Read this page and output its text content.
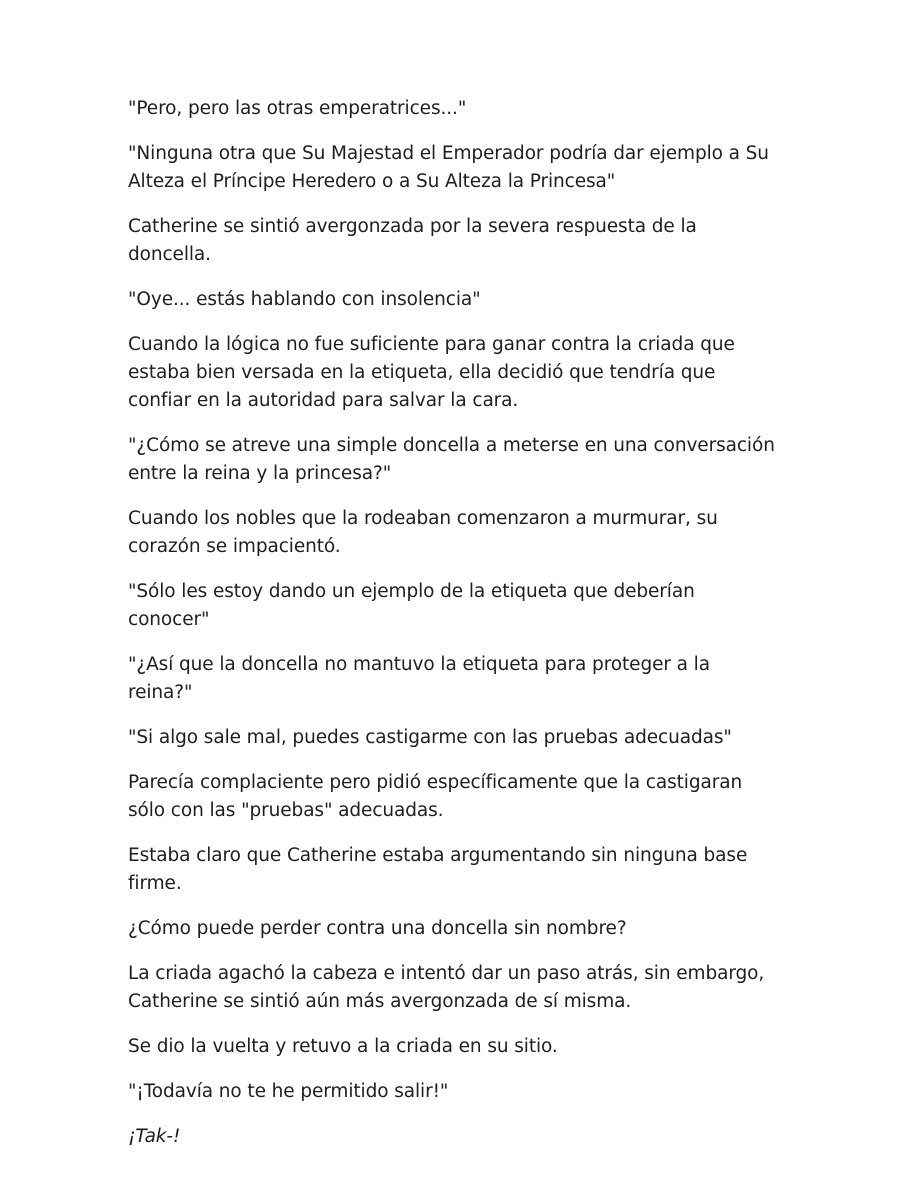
"Pero, pero las otras emperatrices..."

"Ninguna otra que Su Majestad el Emperador podría dar ejemplo a Su Alteza el Príncipe Heredero o a Su Alteza la Princesa"

Catherine se sintió avergonzada por la severa respuesta de la doncella.

"Oye... estás hablando con insolencia"

Cuando la lógica no fue suficiente para ganar contra la criada que estaba bien versada en la etiqueta, ella decidió que tendría que confiar en la autoridad para salvar la cara.

"¿Cómo se atreve una simple doncella a meterse en una conversación entre la reina y la princesa?"

Cuando los nobles que la rodeaban comenzaron a murmurar, su corazón se impacientó.

"Sólo les estoy dando un ejemplo de la etiqueta que deberían conocer"

"¿Así que la doncella no mantuvo la etiqueta para proteger a la reina?"

"Si algo sale mal, puedes castigarme con las pruebas adecuadas"

Parecía complaciente pero pidió específicamente que la castigaran sólo con las "pruebas" adecuadas.

Estaba claro que Catherine estaba argumentando sin ninguna base firme.

¿Cómo puede perder contra una doncella sin nombre?

La criada agachó la cabeza e intentó dar un paso atrás, sin embargo, Catherine se sintió aún más avergonzada de sí misma.

Se dio la vuelta y retuvo a la criada en su sitio.

"¡Todavía no te he permitido salir!"

¡Tak-!
